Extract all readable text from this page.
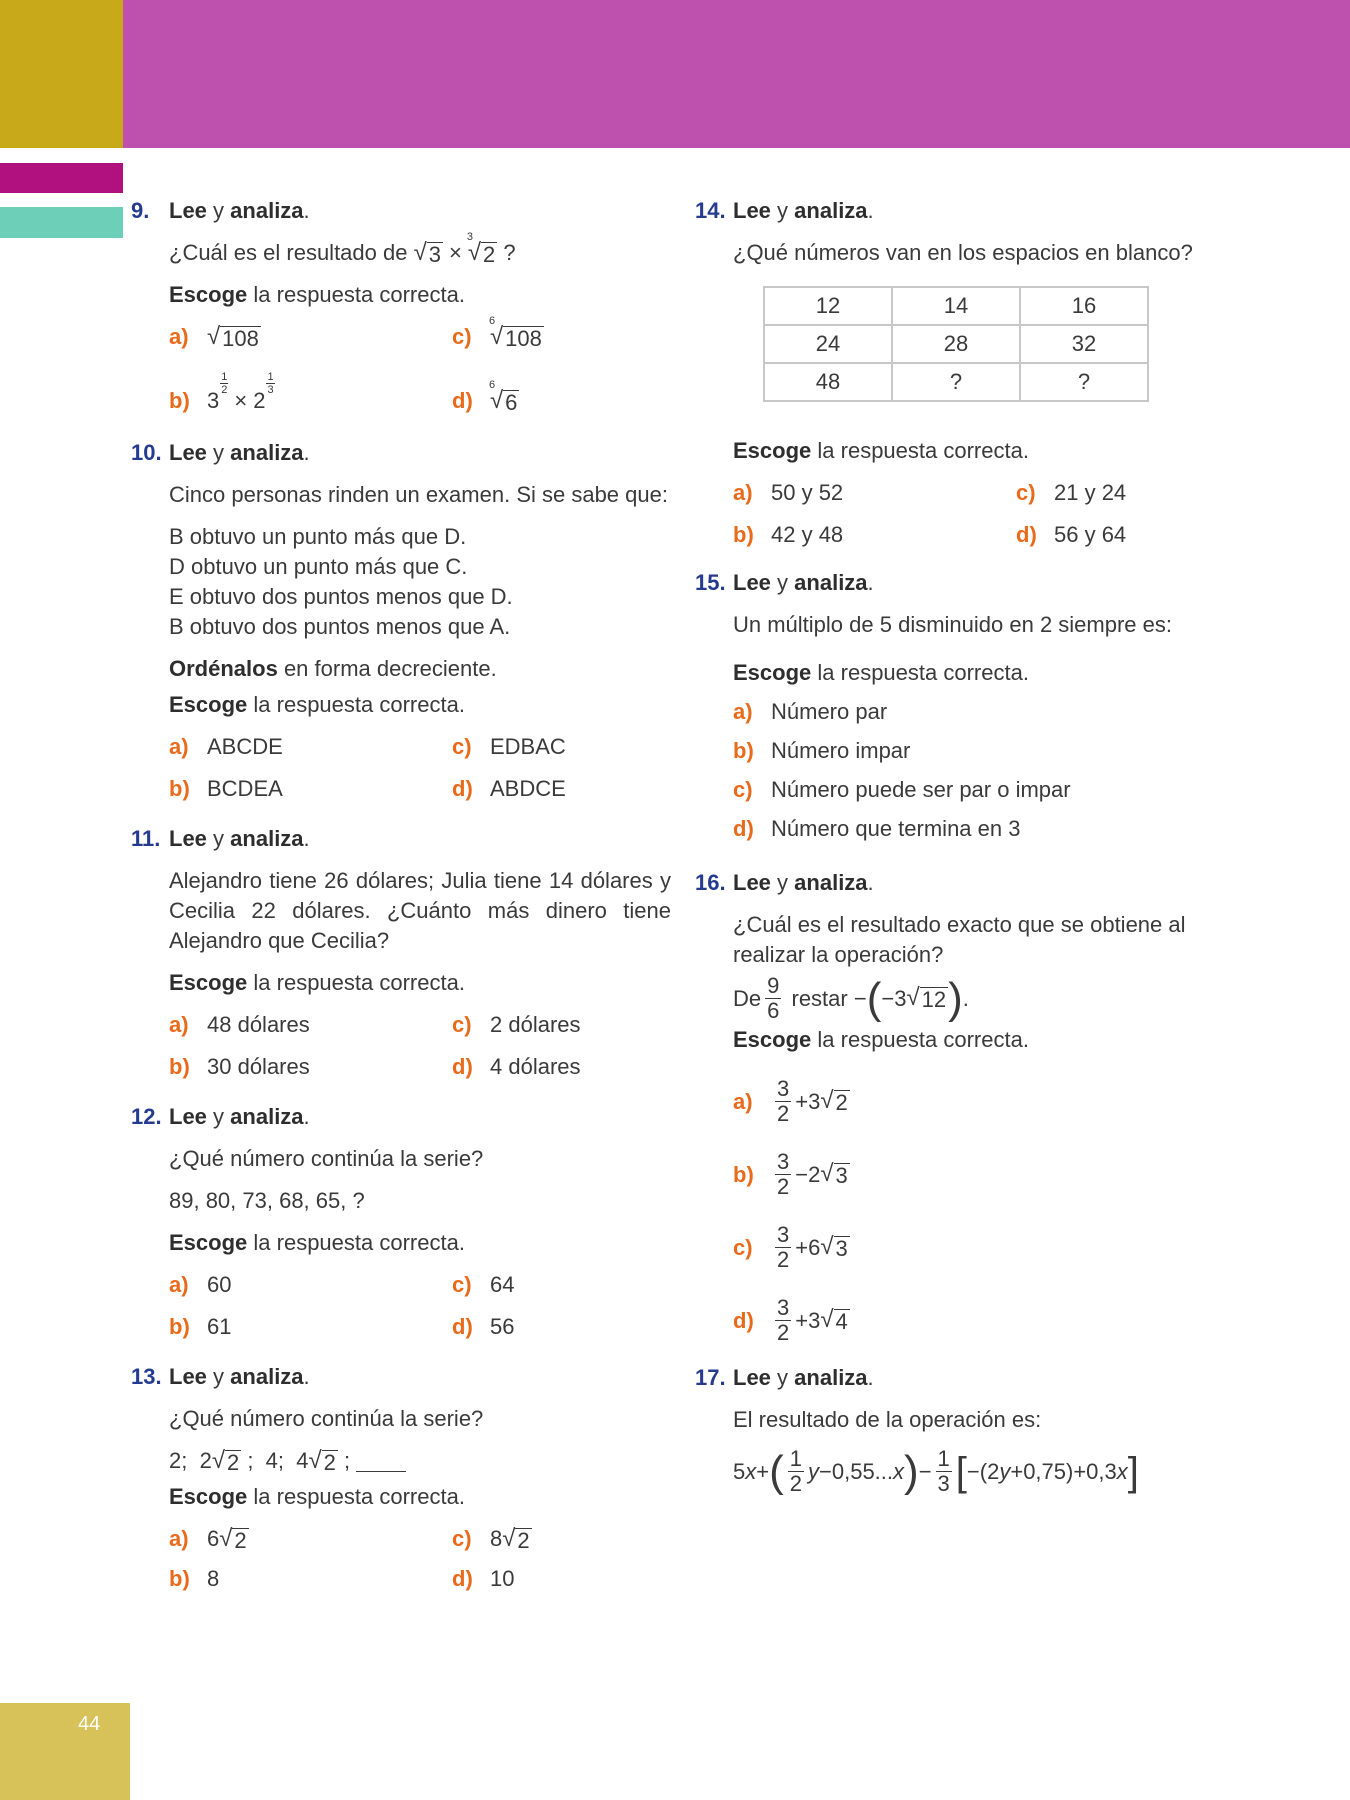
44
9. Lee y analiza.
¿Cuál es el resultado de
√ 3 ×
3
√ 2
?
Escoge la respuesta correcta.
a) √ 108	c)
6
√ 108
b) 3
$\frac{1}{2}$
× 2
1
3	d)
6
√ 6
10. Lee y analiza.
Cinco personas rinden un examen. Si se sabe que:
B obtuvo un punto más que D.
D obtuvo un punto más que C.
E obtuvo dos puntos menos que D.
B obtuvo dos puntos menos que A.
Ordénalos en forma decreciente.
Escoge la respuesta correcta.
a) ABCDE	c) EDBAC
b) BCDEA	d) ABDCE
11. Lee y analiza.
Alejandro tiene 26 dólares; Julia tiene 14 dólares y Cecilia 22 dólares. ¿Cuánto más dinero tiene Alejandro que Cecilia?
Escoge la respuesta correcta.
a) 48 dólares	c) 2 dólares
b) 30 dólares	d) 4 dólares
12. Lee y analiza.
¿Qué número continúa la serie?
89, 80, 73, 68, 65, ?
Escoge la respuesta correcta.
a) 60	c) 64
b) 61	d) 56
13. Lee y analiza.
¿Qué número continúa la serie?
2;  2 √ 2 ;  4;  4 √ 2 ;
Escoge la respuesta correcta.
a) 6 √ 2	c) 8 √ 2
b) 8	d) 10
14. Lee y analiza.
¿Qué números van en los espacios en blanco?
12	14	16
24	28	32
48	?	?
Escoge la respuesta correcta.
a) 50 y 52	c) 21 y 24
b) 42 y 48	d) 56 y 64
15. Lee y analiza.
Un múltiplo de 5 disminuido en 2 siempre es:
Escoge la respuesta correcta.
a) Número par
b) Número impar
c) Número puede ser par o impar
d) Número que termina en 3
16. Lee y analiza.
¿Cuál es el resultado exacto que se obtiene al realizar la operación?
De $\frac{9}{6}$
restar − ( −3 √ 12 ) .
Escoge la respuesta correcta.
a)	$\frac{3}{2} +3$ √ 2
$b) \frac{3}{2} -2$ √ 3
c)	$\frac{3}{2} +6$ √ 3
$d) \frac{3}{2} +3$ √ 4
17. Lee y analiza.
El resultado de la operación es:
5 x + ( $\frac{1}{2}$ y −0,55... x ) − $\frac{1}{3}$ [ −(2 y +0,75)+0,3 x ]
